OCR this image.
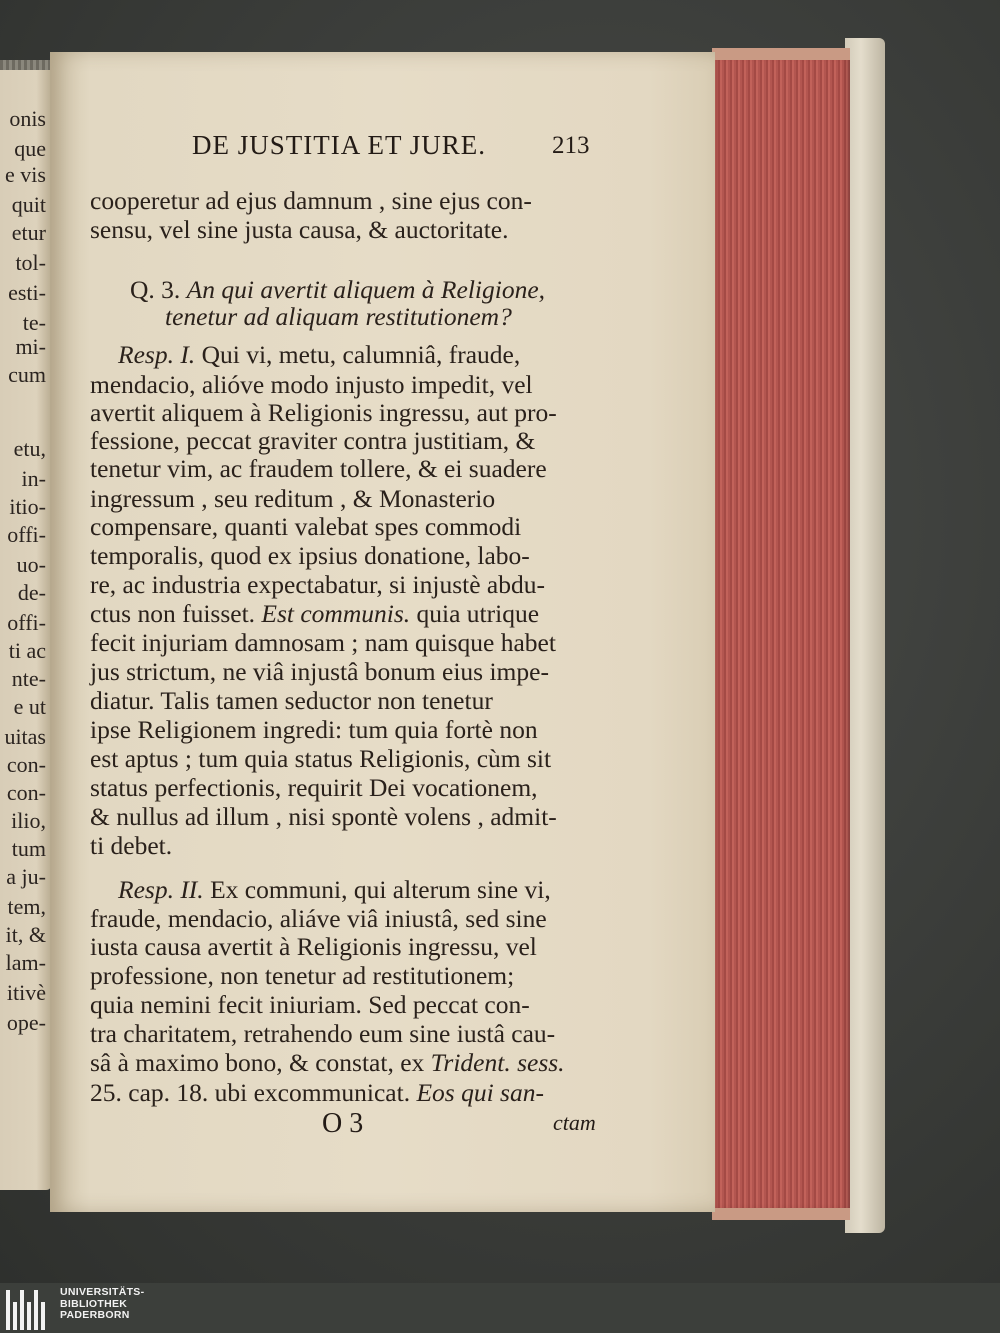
onis
que
e vis
quit
etur
tol-
esti-
te-
mi-
cum
etu,
in-
itio-
offi-
uo-
de-
offi-
ti ac
nte-
e ut
uitas
con-
con-
ilio,
tum
a ju-
tem,
it, &
lam-
itivè
ope-
DE JUSTITIA ET JURE.	213
cooperetur ad ejus damnum , sine ejus con-
sensu, vel sine justa causa, & auctoritate.
Q. 3. An qui avertit aliquem à Religione,
tenetur ad aliquam restitutionem?
Resp. I. Qui vi, metu, calumniâ, fraude,
mendacio, alióve modo injusto impedit, vel
avertit aliquem à Religionis ingressu, aut pro-
fessione, peccat graviter contra justitiam, &
tenetur vim, ac fraudem tollere, & ei suadere
ingressum , seu reditum , & Monasterio
compensare, quanti valebat spes commodi
temporalis, quod ex ipsius donatione, labo-
re, ac industria expectabatur, si injustè abdu-
ctus non fuisset. Est communis. quia utrique
fecit injuriam damnosam ; nam quisque habet
jus strictum, ne viâ injustâ bonum eius impe-
diatur. Talis tamen seductor non tenetur
ipse Religionem ingredi: tum quia fortè non
est aptus ; tum quia status Religionis, cùm sit
status perfectionis, requirit Dei vocationem,
& nullus ad illum , nisi spontè volens , admit-
ti debet.
Resp. II. Ex communi, qui alterum sine vi,
fraude, mendacio, aliáve viâ iniustâ, sed sine
iusta causa avertit à Religionis ingressu, vel
professione, non tenetur ad restitutionem;
quia nemini fecit iniuriam. Sed peccat con-
tra charitatem, retrahendo eum sine iustâ cau-
sâ à maximo bono, & constat, ex Trident. sess.
25. cap. 18. ubi excommunicat. Eos qui san-
O 3	ctam
UNIVERSITÄTS-
BIBLIOTHEK
PADERBORN
